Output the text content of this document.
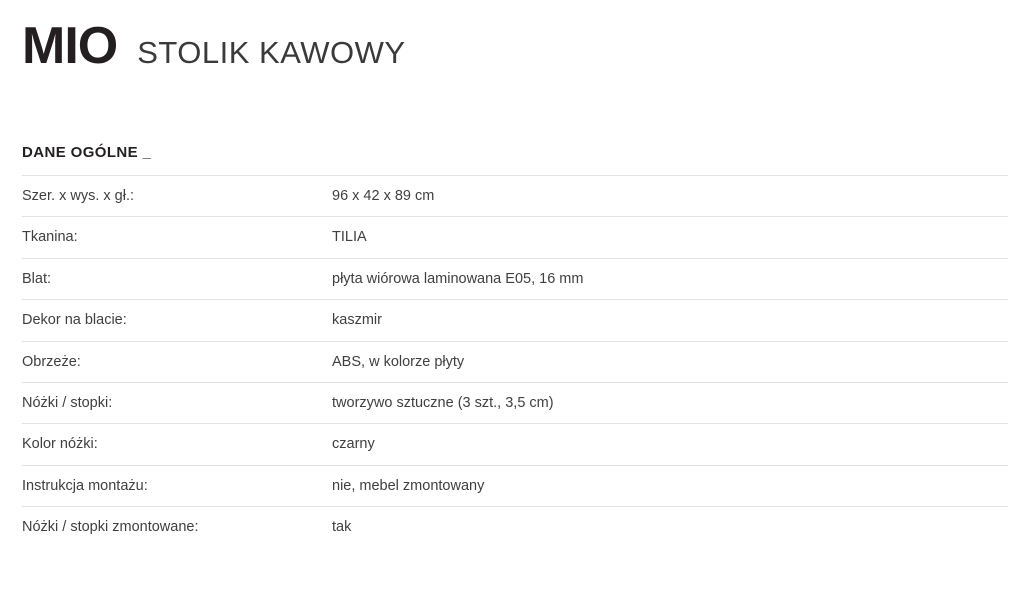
MIO STOLIK KAWOWY
DANE OGÓLNE _
Szer. x wys. x gł.:	96 x 42 x 89 cm
Tkanina:	TILIA
Blat:	płyta wiórowa laminowana E05, 16 mm
Dekor na blacie:	kaszmir
Obrzeże:	ABS, w kolorze płyty
Nóżki / stopki:	tworzywo sztuczne (3 szt., 3,5 cm)
Kolor nóżki:	czarny
Instrukcja montażu:	nie, mebel zmontowany
Nóżki / stopki zmontowane:	tak
